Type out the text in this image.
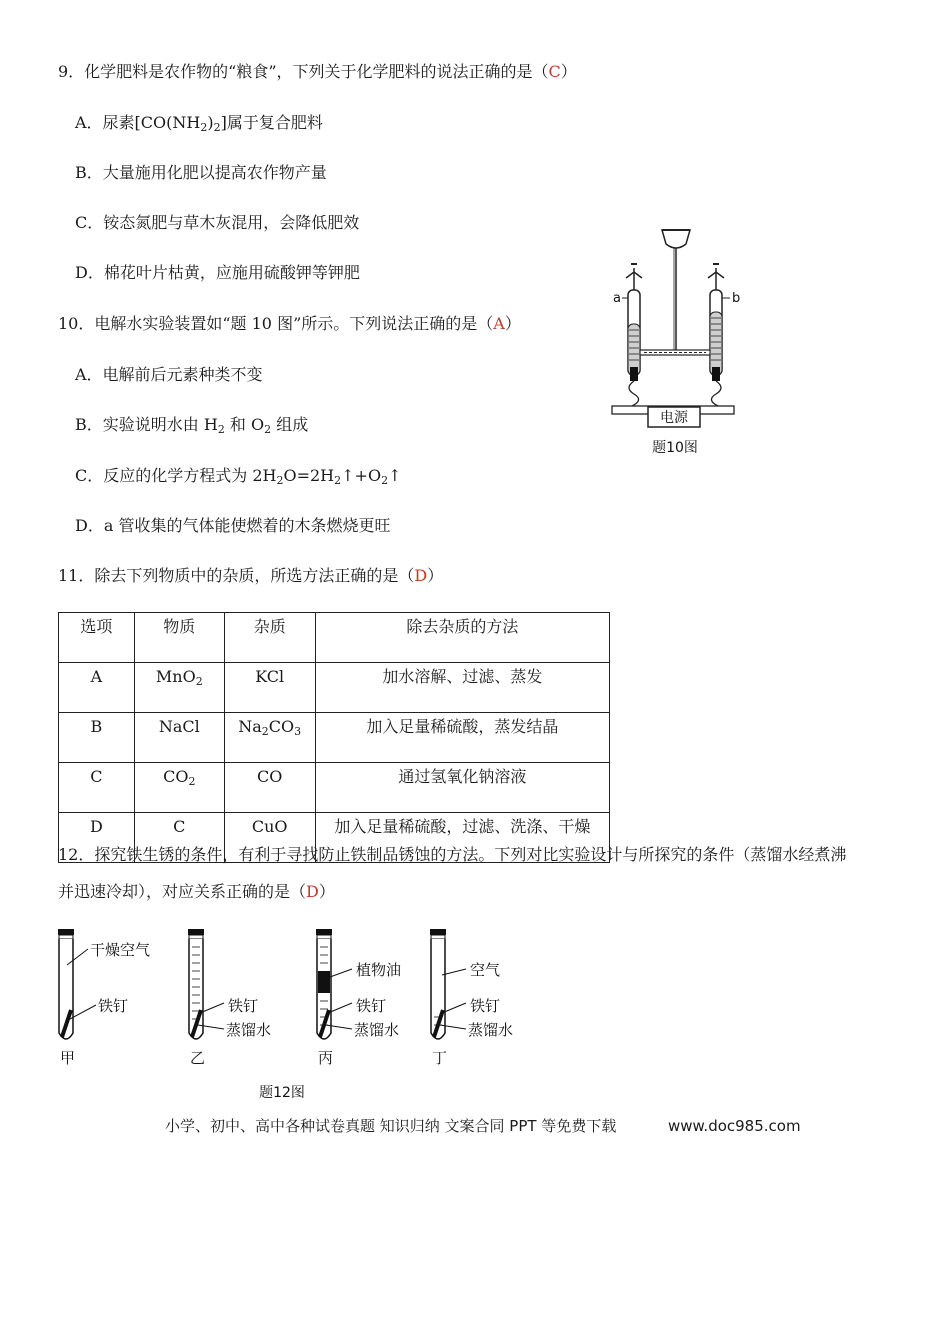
9．化学肥料是农作物的“粮食”，下列关于化学肥料的说法正确的是（C）
A．尿素$[CO(NH_2)_2]$属于复合肥料
B．大量施用化肥以提高农作物产量
C．铵态氮肥与草木灰混用，会降低肥效
D．棉花叶片枯黄，应施用硫酸钾等钾肥
10．电解水实验装置如“题 10 图”所示。下列说法正确的是（A）
A．电解前后元素种类不变
B．实验说明水由 $H_2$ 和 $O_2$ 组成
C．反应的化学方程式为 $2H_2O=2H_2↑+O_2↑$
D．a 管收集的气体能使燃着的木条燃烧更旺
电源
a	b
题10图
11．除去下列物质中的杂质，所选方法正确的是（D）
选项	物质	杂质	除去杂质的方法
A	MnO$_2$	KCl	加水溶解、过滤、蒸发
B	NaCl	$Na_2CO_3$	加入足量稀硫酸，蒸发结晶
C	$CO_2$	CO	通过氢氧化钠溶液
D	C	CuO	加入足量稀硫酸，过滤、洗涤、干燥
12．探究铁生锈的条件，有利于寻找防止铁制品锈蚀的方法。下列对比实验设计与所探究的条件（蒸馏水经煮沸
并迅速冷却），对应关系正确的是（D）
干燥空气
铁钉
甲
铁钉
蒸馏水
乙
植物油
铁钉
蒸馏水
丙
空气
铁钉
蒸馏水
丁
题12图
小学、初中、高中各种试卷真题 知识归纳 文案合同 PPT 等免费下载	www.doc985.com
